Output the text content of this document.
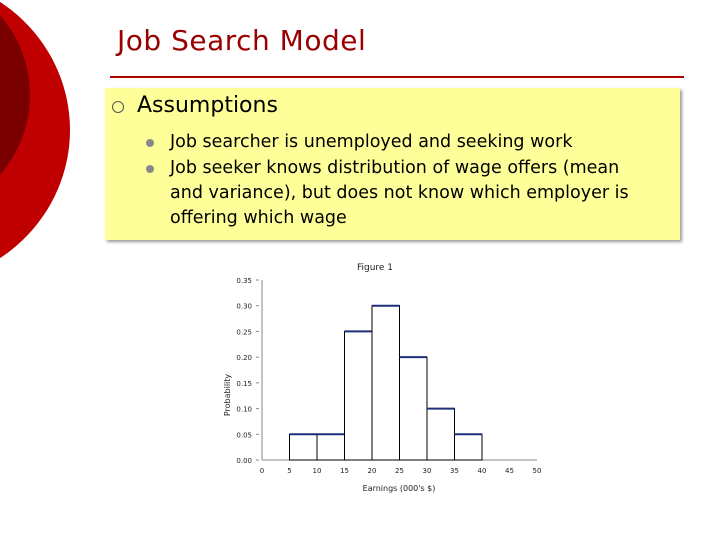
Job Search Model
Assumptions
Job searcher is unemployed and seeking work
Job seeker knows distribution of wage offers (mean and variance), but does not know which employer is offering which wage
Figure 1
Probability
Earnings (000's $)
0.00
0.05
0.10
0.15
0.20
0.25
0.30
0.35
0	5	10	15	20	25	30	35	40	45	50
